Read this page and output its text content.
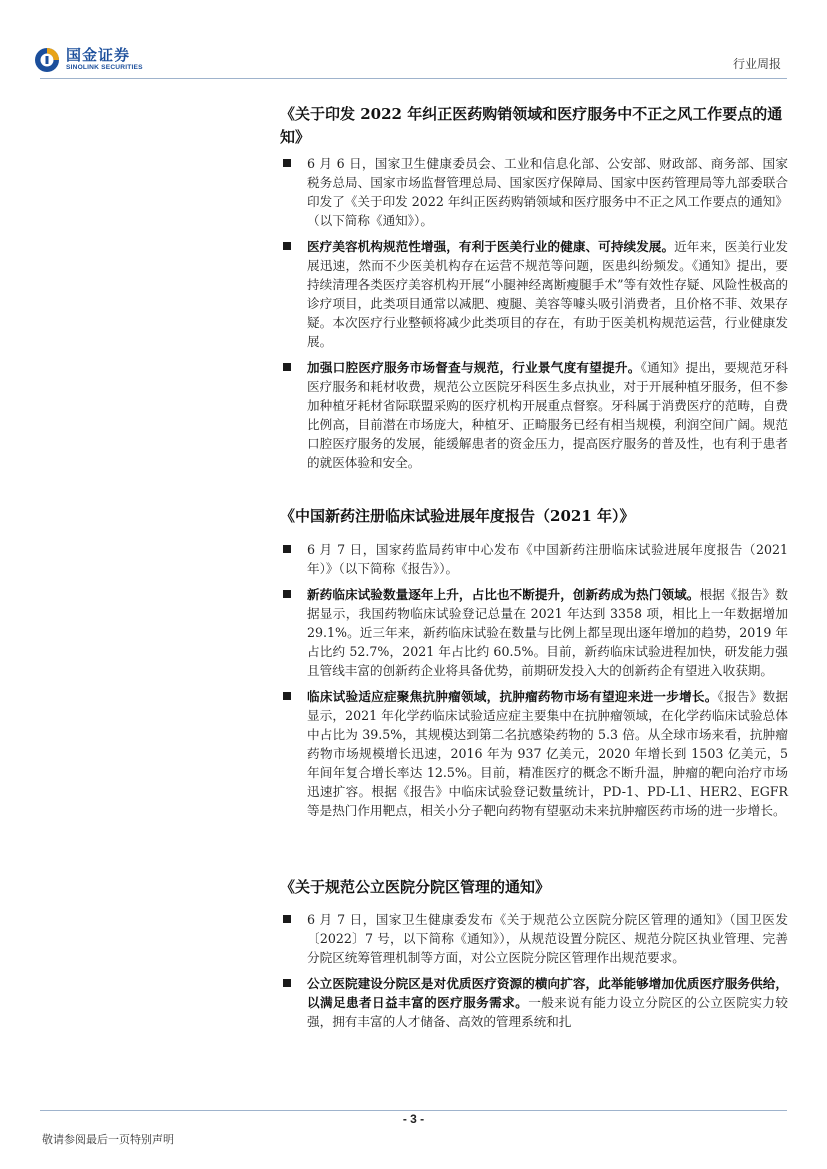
国金证券
SINOLINK SECURITIES	行业周报
《关于印发 2022 年纠正医药购销领域和医疗服务中不正之风工作要点的通知》
6 月 6 日，国家卫生健康委员会、工业和信息化部、公安部、财政部、商务部、国家税务总局、国家市场监督管理总局、国家医疗保障局、国家中医药管理局等九部委联合印发了《关于印发 2022 年纠正医药购销领域和医疗服务中不正之风工作要点的通知》（以下简称《通知》）。
医疗美容机构规范性增强，有利于医美行业的健康、可持续发展。近年来，医美行业发展迅速，然而不少医美机构存在运营不规范等问题，医患纠纷频发。《通知》提出，要持续清理各类医疗美容机构开展“小腿神经离断瘦腿手术”等有效性存疑、风险性极高的诊疗项目，此类项目通常以减肥、瘦腿、美容等噱头吸引消费者，且价格不菲、效果存疑。本次医疗行业整顿将减少此类项目的存在，有助于医美机构规范运营，行业健康发展。
加强口腔医疗服务市场督查与规范，行业景气度有望提升。《通知》提出，要规范牙科医疗服务和耗材收费，规范公立医院牙科医生多点执业，对于开展种植牙服务，但不参加种植牙耗材省际联盟采购的医疗机构开展重点督察。牙科属于消费医疗的范畴，自费比例高，目前潜在市场庞大，种植牙、正畸服务已经有相当规模，利润空间广阔。规范口腔医疗服务的发展，能缓解患者的资金压力，提高医疗服务的普及性，也有利于患者的就医体验和安全。
《中国新药注册临床试验进展年度报告（2021 年）》
6 月 7 日，国家药监局药审中心发布《中国新药注册临床试验进展年度报告（2021 年）》（以下简称《报告》）。
新药临床试验数量逐年上升，占比也不断提升，创新药成为热门领域。根据《报告》数据显示，我国药物临床试验登记总量在 2021 年达到 3358 项，相比上一年数据增加 29.1%。近三年来，新药临床试验在数量与比例上都呈现出逐年增加的趋势，2019 年占比约 52.7%，2021 年占比约 60.5%。目前，新药临床试验进程加快，研发能力强且管线丰富的创新药企业将具备优势，前期研发投入大的创新药企有望进入收获期。
临床试验适应症聚焦抗肿瘤领域，抗肿瘤药物市场有望迎来进一步增长。《报告》数据显示，2021 年化学药临床试验适应症主要集中在抗肿瘤领域，在化学药临床试验总体中占比为 39.5%，其规模达到第二名抗感染药物的 5.3 倍。从全球市场来看，抗肿瘤药物市场规模增长迅速，2016 年为 937 亿美元，2020 年增长到 1503 亿美元，5 年间年复合增长率达 12.5%。目前，精准医疗的概念不断升温，肿瘤的靶向治疗市场迅速扩容。根据《报告》中临床试验登记数量统计，PD-1、PD-L1、HER2、EGFR 等是热门作用靶点，相关小分子靶向药物有望驱动未来抗肿瘤医药市场的进一步增长。
《关于规范公立医院分院区管理的通知》
6 月 7 日，国家卫生健康委发布《关于规范公立医院分院区管理的通知》（国卫医发〔2022〕7 号，以下简称《通知》），从规范设置分院区、规范分院区执业管理、完善分院区统筹管理机制等方面，对公立医院分院区管理作出规范要求。
公立医院建设分院区是对优质医疗资源的横向扩容，此举能够增加优质医疗服务供给，以满足患者日益丰富的医疗服务需求。一般来说有能力设立分院区的公立医院实力较强，拥有丰富的人才储备、高效的管理系统和扎
- 3 -
敬请参阅最后一页特别声明
